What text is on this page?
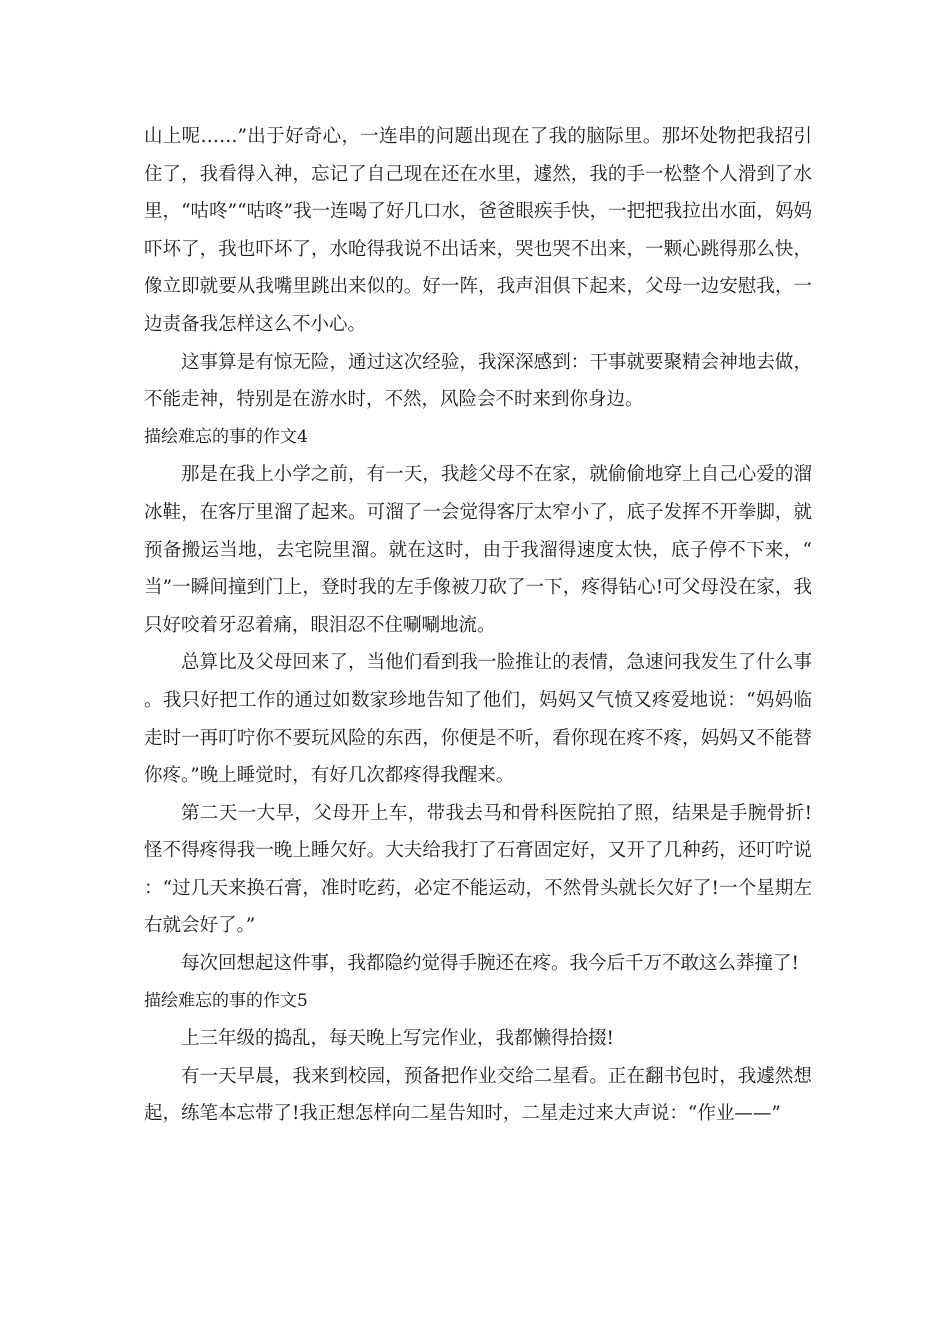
山上呢……”出于好奇心，一连串的问题出现在了我的脑际里。那坏处物把我招引住了，我看得入神，忘记了自己现在还在水里，遽然，我的手一松整个人滑到了水里，“咕咚”“咕咚”我一连喝了好几口水，爸爸眼疾手快，一把把我拉出水面，妈妈吓坏了，我也吓坏了，水呛得我说不出话来，哭也哭不出来，一颗心跳得那么快，像立即就要从我嘴里跳出来似的。好一阵，我声泪俱下起来，父母一边安慰我，一边责备我怎样这么不小心。

这事算是有惊无险，通过这次经验，我深深感到：干事就要聚精会神地去做，不能走神，特别是在游水时，不然，风险会不时来到你身边。

描绘难忘的事的作文4

那是在我上小学之前，有一天，我趁父母不在家，就偷偷地穿上自己心爱的溜冰鞋，在客厅里溜了起来。可溜了一会觉得客厅太窄小了，底子发挥不开拳脚，就预备搬运当地，去宅院里溜。就在这时，由于我溜得速度太快，底子停不下来，“当”一瞬间撞到门上，登时我的左手像被刀砍了一下，疼得钻心!可父母没在家，我只好咬着牙忍着痛，眼泪忍不住唰唰地流。

总算比及父母回来了，当他们看到我一脸推让的表情，急速问我发生了什么事。我只好把工作的通过如数家珍地告知了他们，妈妈又气愤又疼爱地说：“妈妈临走时一再叮咛你不要玩风险的东西，你便是不听，看你现在疼不疼，妈妈又不能替你疼。”晚上睡觉时，有好几次都疼得我醒来。

第二天一大早，父母开上车，带我去马和骨科医院拍了照，结果是手腕骨折!怪不得疼得我一晚上睡欠好。大夫给我打了石膏固定好，又开了几种药，还叮咛说：“过几天来换石膏，准时吃药，必定不能运动，不然骨头就长欠好了!一个星期左右就会好了。”

每次回想起这件事，我都隐约觉得手腕还在疼。我今后千万不敢这么莽撞了!

描绘难忘的事的作文5

上三年级的捣乱，每天晚上写完作业，我都懒得拾掇!

有一天早晨，我来到校园，预备把作业交给二星看。正在翻书包时，我遽然想起，练笔本忘带了!我正想怎样向二星告知时，二星走过来大声说：“作业——”
